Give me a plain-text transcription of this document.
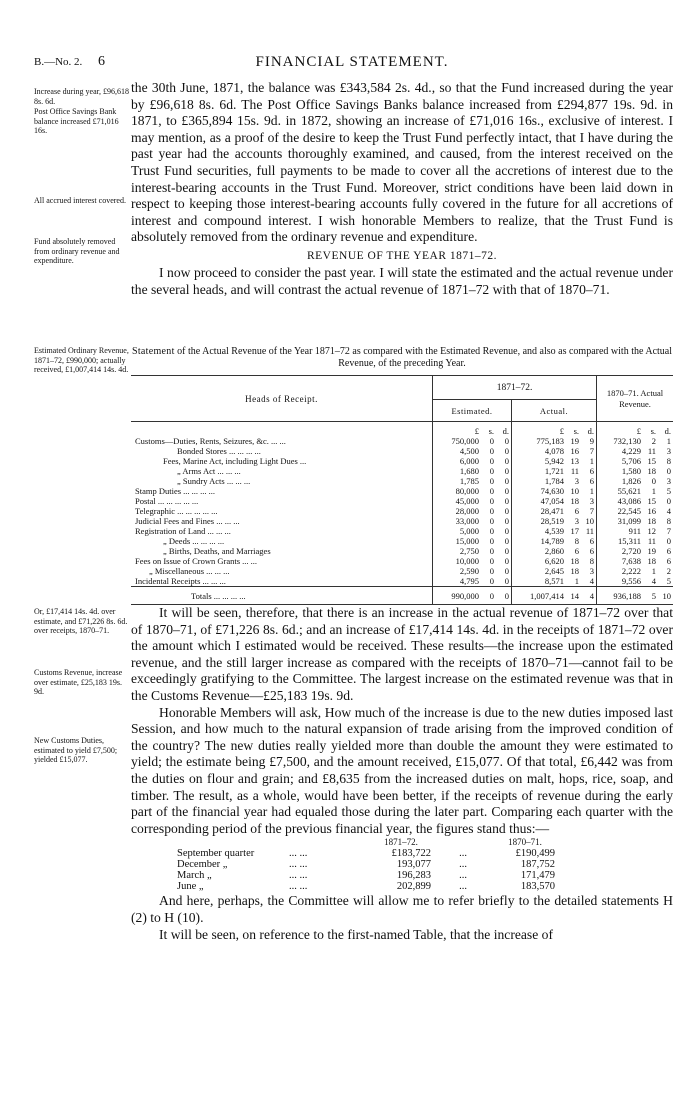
B.—No. 2. 6	FINANCIAL STATEMENT.
Increase during year, £96,618 8s. 6d.
Post Office Savings Bank balance increased £71,016 16s.
All accrued interest covered.
Fund absolutely removed from ordinary revenue and expenditure.
Estimated Ordinary Revenue, 1871–72, £990,000; actually received, £1,007,414 14s. 4d.
Or, £17,414 14s. 4d. over estimate, and £71,226 8s. 6d. over receipts, 1870–71.
Customs Revenue, increase over estimate, £25,183 19s. 9d.
New Customs Duties, estimated to yield £7,500; yielded £15,077.

the 30th June, 1871, the balance was £343,584 2s. 4d., so that the Fund increased during the year by £96,618 8s. 6d. The Post Office Savings Banks balance increased from £294,877 19s. 9d. in 1871, to £365,894 15s. 9d. in 1872, showing an increase of £71,016 16s., exclusive of interest. I may mention, as a proof of the desire to keep the Trust Fund perfectly intact, that I have during the past year had the accounts thoroughly examined, and caused, from the interest received on the Trust Fund securities, full payments to be made to cover all the accretions of interest due to the interest-bearing accounts in the Trust Fund. Moreover, strict conditions have been laid down in respect to keeping those interest-bearing accounts fully covered in the future for all accretions of interest and compound interest. I wish honorable Members to realize, that the Trust Fund is absolutely removed from the ordinary revenue and expenditure.

REVENUE OF THE YEAR 1871–72.

I now proceed to consider the past year. I will state the estimated and the actual revenue under the several heads, and will contrast the actual revenue of 1871–72 with that of 1870–71.

Statement of the Actual Revenue of the Year 1871–72 as compared with the Estimated Revenue, and also as compared with the Actual Revenue, of the preceding Year.

Heads of Receipt.	1871–72.		1870–71. Actual Revenue.
	Estimated.	Actual.	
	£ s. d.	£ s. d.	£ s. d.
Customs—Duties, Rents, Seizures, &c. ... ...	750,000 0 0	775,183 19 9	732,130 2 1
Bonded Stores ... ... ... ...	4,500 0 0	4,078 16 7	4,229 11 3
Fees, Marine Act, including Light Dues ...	6,000 0 0	5,942 13 1	5,706 15 8
„ Arms Act ... ... ...	1,680 0 0	1,721 11 6	1,580 18 0
„ Sundry Acts ... ... ...	1,785 0 0	1,784 3 6	1,826 0 3
Stamp Duties ... ... ... ...	80,000 0 0	74,630 10 1	55,621 1 5
Postal ... ... ... ... ...	45,000 0 0	47,054 18 3	43,086 15 0
Telegraphic ... ... ... ... ...	28,000 0 0	28,471 6 7	22,545 16 4
Judicial Fees and Fines ... ... ...	33,000 0 0	28,519 3 10	31,099 18 8
Registration of Land ... ... ...	5,000 0 0	4,539 17 11	911 12 7
„ Deeds ... ... ... ...	15,000 0 0	14,789 8 6	15,311 11 0
„ Births, Deaths, and Marriages	2,750 0 0	2,860 6 6	2,720 19 6
Fees on Issue of Crown Grants ... ...	10,000 0 0	6,620 18 8	7,638 18 6
„ Miscellaneous ... ... ...	2,590 0 0	2,645 18 3	2,222 1 2
Incidental Receipts ... ... ...	4,795 0 0	8,571 1 4	9,556 4 5
Totals ... ... ... ...	990,000 0 0	1,007,414 14 4	936,188 5 10

It will be seen, therefore, that there is an increase in the actual revenue of 1871–72 over that of 1870–71, of £71,226 8s. 6d.; and an increase of £17,414 14s. 4d. in the receipts of 1871–72 over the amount which I estimated would be received. These results—the increase upon the estimated revenue, and the still larger increase as compared with the receipts of 1870–71—cannot fail to be exceedingly gratifying to the Committee. The largest increase on the estimated revenue was that in the Customs Revenue—£25,183 19s. 9d.

Honorable Members will ask, How much of the increase is due to the new duties imposed last Session, and how much to the natural expansion of trade arising from the improved condition of the country? The new duties really yielded more than double the amount they were estimated to yield; the estimate being £7,500, and the amount received, £15,077. Of that total, £6,442 was from the duties on flour and grain; and £8,635 from the increased duties on malt, hops, rice, soap, and timber. The result, as a whole, would have been better, if the receipts of revenue during the early part of the financial year had equaled those during the later part. Comparing each quarter with the corresponding period of the previous financial year, the figures stand thus:—

		1871–72.		1870–71.
September quarter	... ...	£183,722	...	£190,499
December „	... ...	193,077	...	187,752
March „	... ...	196,283	...	171,479
June „	... ...	202,899	...	183,570

And here, perhaps, the Committee will allow me to refer briefly to the detailed statements H (2) to H (10).

It will be seen, on reference to the first-named Table, that the increase of
